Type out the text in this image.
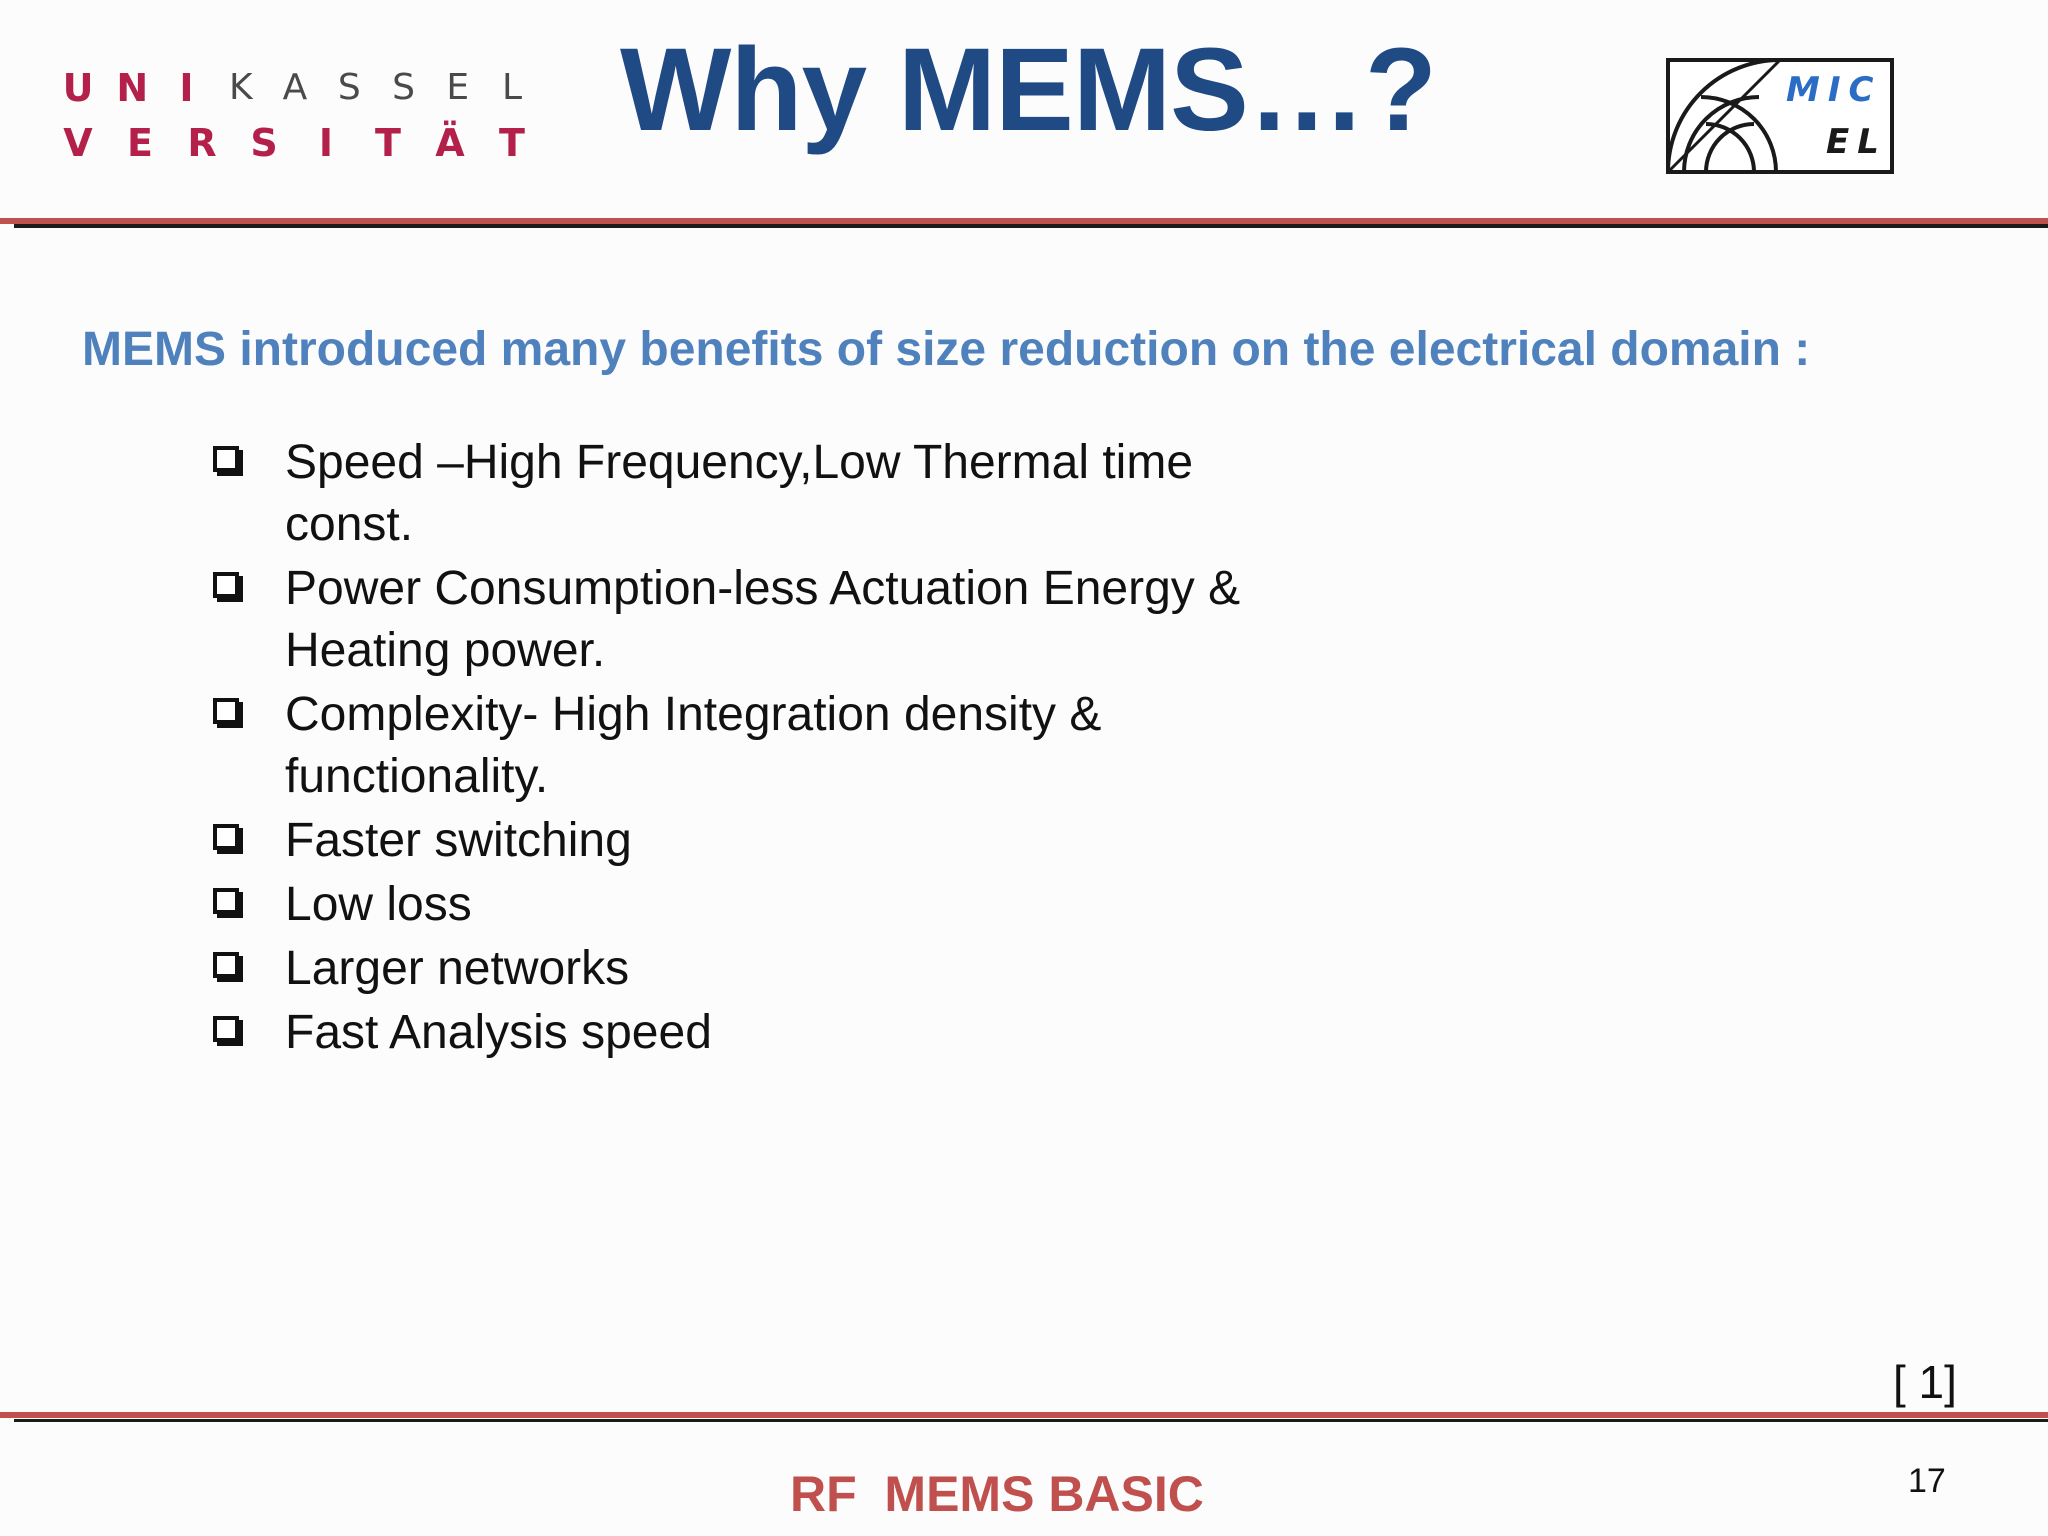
U N I K A S S E L
V E R S I T Ä T Why MEMS…?	MIC
EL
MEMS introduced many benefits of size reduction on the electrical domain :
Speed –High Frequency,Low Thermal time const.
Power Consumption-less Actuation Energy & Heating power.
Complexity- High Integration density & functionality.
Faster switching
Low loss
Larger networks
Fast Analysis speed
[ 1]
RF  MEMS BASIC	17
